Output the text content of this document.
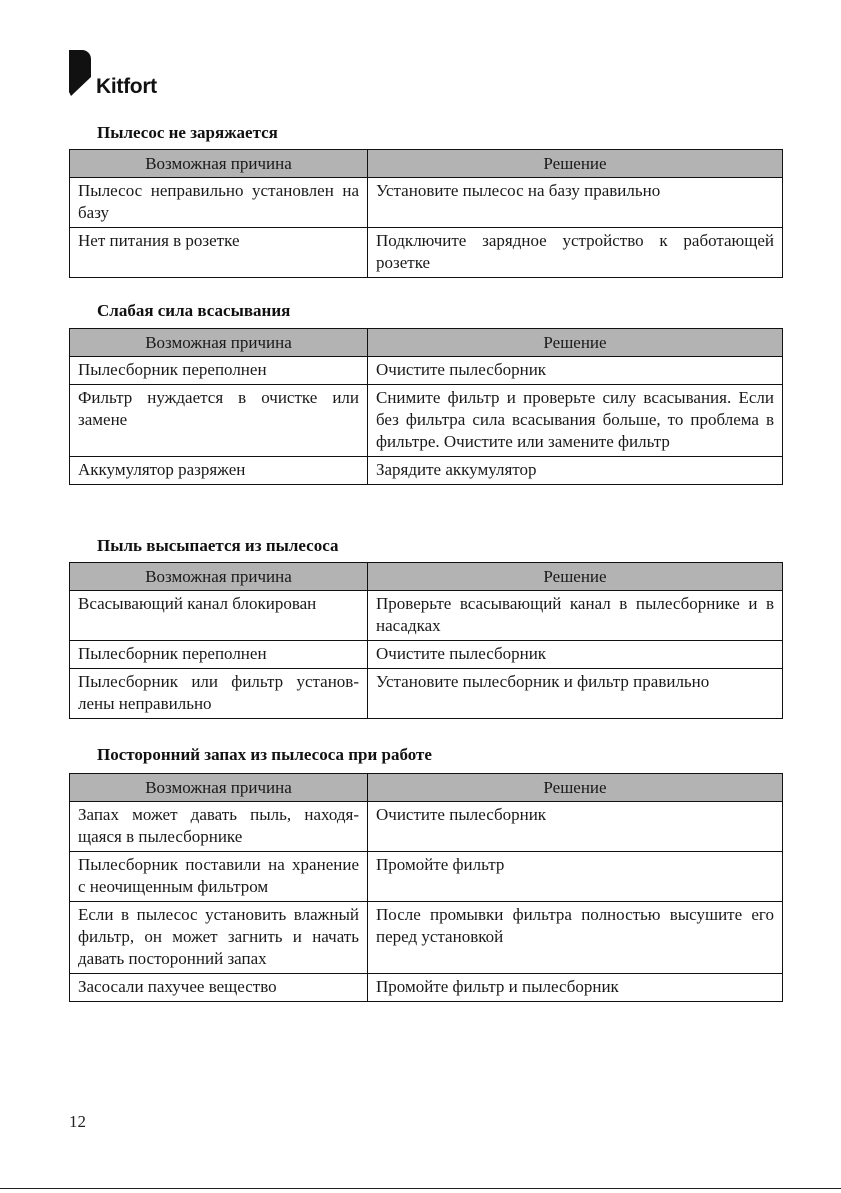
Kitfort
Пылесос не заряжается
Возможная причина	Решение
Пылесос неправильно установлен на базу	Установите пылесос на базу правильно
Нет питания в розетке	Подключите зарядное устройство к работающей розетке
Слабая сила всасывания
Возможная причина	Решение
Пылесборник переполнен	Очистите пылесборник
Фильтр нуждается в очистке или замене	Снимите фильтр и проверьте силу всасывания. Если без фильтра сила всасывания больше, то проблема в фильтре. Очистите или замените фильтр
Аккумулятор разряжен	Зарядите аккумулятор
Пыль высыпается из пылесоса
Возможная причина	Решение
Всасывающий канал блокирован	Проверьте всасывающий канал в пылесборнике и в насадках
Пылесборник переполнен	Очистите пылесборник
Пылесборник или фильтр установлены неправильно	Установите пылесборник и фильтр правильно
Посторонний запах из пылесоса при работе
Возможная причина	Решение
Запах может давать пыль, находящаяся в пылесборнике	Очистите пылесборник
Пылесборник поставили на хранение с неочищенным фильтром	Промойте фильтр
Если в пылесос установить влажный фильтр, он может загнить и начать давать посторонний запах	После промывки фильтра полностью высушите его перед установкой
Засосали пахучее вещество	Промойте фильтр и пылесборник
12
